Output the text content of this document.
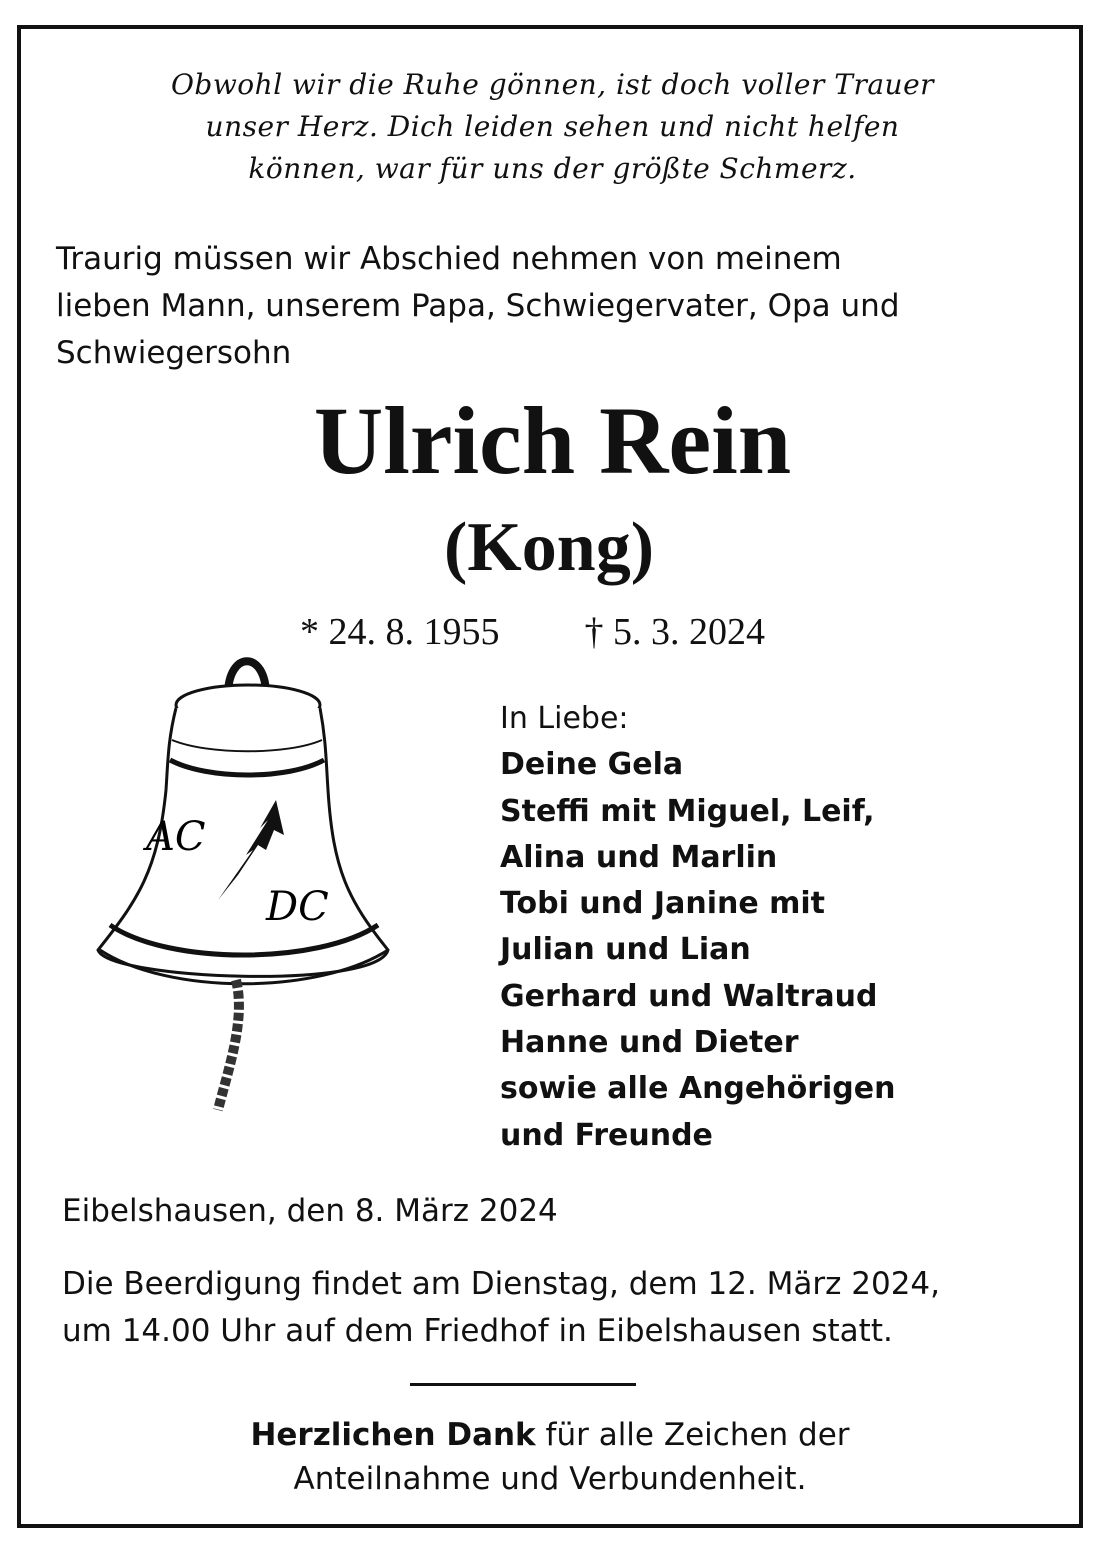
Obwohl wir die Ruhe gönnen, ist doch voller Trauer
unser Herz. Dich leiden sehen und nicht helfen
können, war für uns der größte Schmerz.
Traurig müssen wir Abschied nehmen von meinem
lieben Mann, unserem Papa, Schwiegervater, Opa und
Schwiegersohn
Ulrich Rein
(Kong)
* 24. 8. 1955 † 5. 3. 2024
AC
DC
In Liebe:
Deine Gela
Steffi mit Miguel, Leif,
Alina und Marlin
Tobi und Janine mit
Julian und Lian
Gerhard und Waltraud
Hanne und Dieter
sowie alle Angehörigen
und Freunde
Eibelshausen, den 8. März 2024
Die Beerdigung findet am Dienstag, dem 12. März 2024,
um 14.00 Uhr auf dem Friedhof in Eibelshausen statt.
Herzlichen Dank für alle Zeichen der
Anteilnahme und Verbundenheit.
